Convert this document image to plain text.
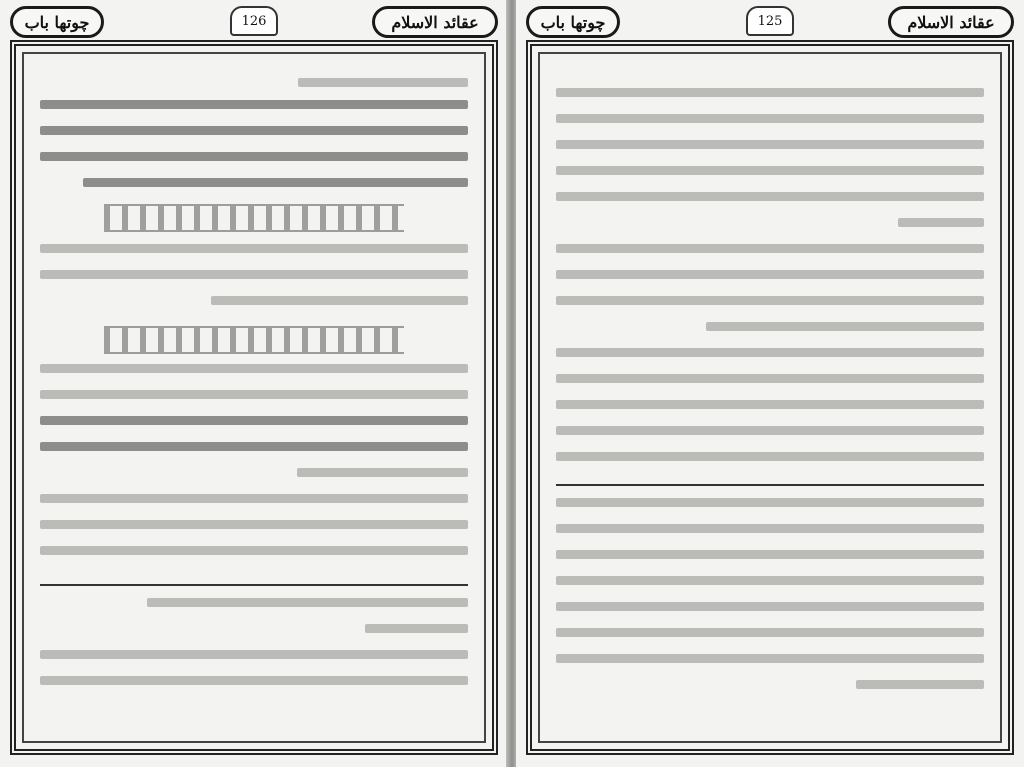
چوتھا باب	126	عقائد الاسلام	چوتھا باب	125	عقائد الاسلام
